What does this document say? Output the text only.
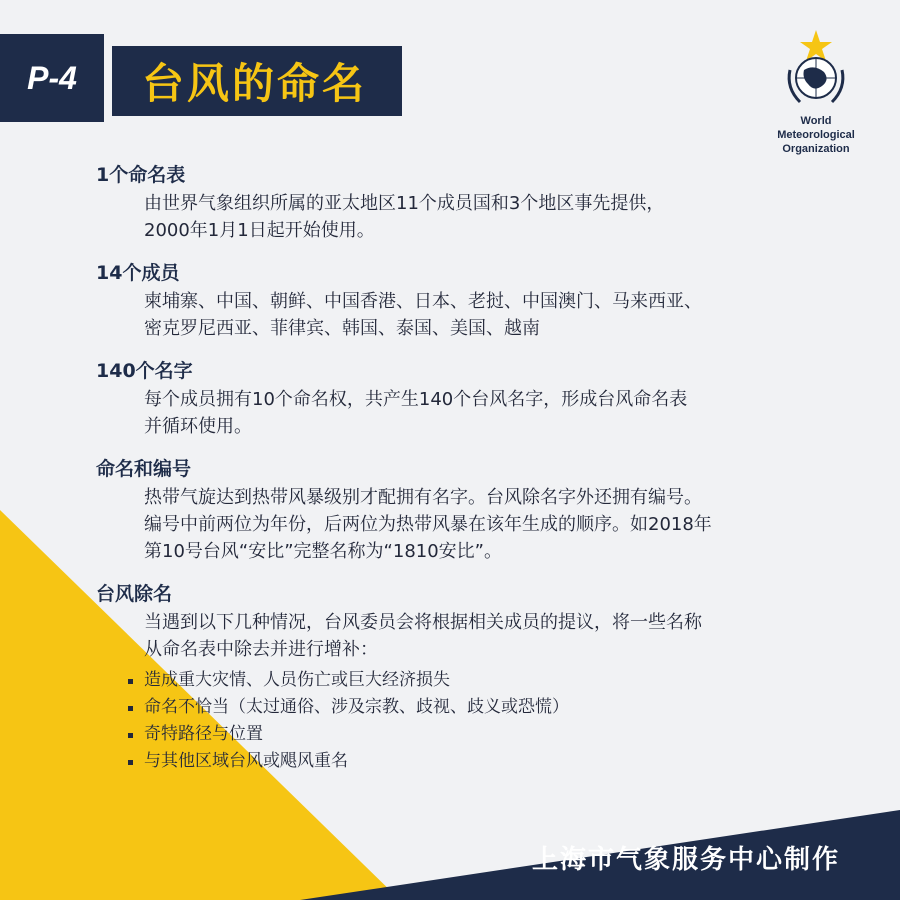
P-4	台风的命名
World
Meteorological
Organization
1个命名表

由世界气象组织所属的亚太地区11个成员国和3个地区事先提供，

2000年1月1日起开始使用。

14个成员

柬埔寨、中国、朝鲜、中国香港、日本、老挝、中国澳门、马来西亚、

密克罗尼西亚、菲律宾、韩国、泰国、美国、越南

140个名字

每个成员拥有10个命名权，共产生140个台风名字，形成台风命名表

并循环使用。

命名和编号

热带气旋达到热带风暴级别才配拥有名字。台风除名字外还拥有编号。

编号中前两位为年份，后两位为热带风暴在该年生成的顺序。如2018年

第10号台风“安比”完整名称为“1810安比”。

台风除名

当遇到以下几种情况，台风委员会将根据相关成员的提议，将一些名称

从命名表中除去并进行增补：

造成重大灾情、人员伤亡或巨大经济损失
命名不恰当（太过通俗、涉及宗教、歧视、歧义或恐慌）
奇特路径与位置
与其他区域台风或飓风重名
上海市气象服务中心制作
